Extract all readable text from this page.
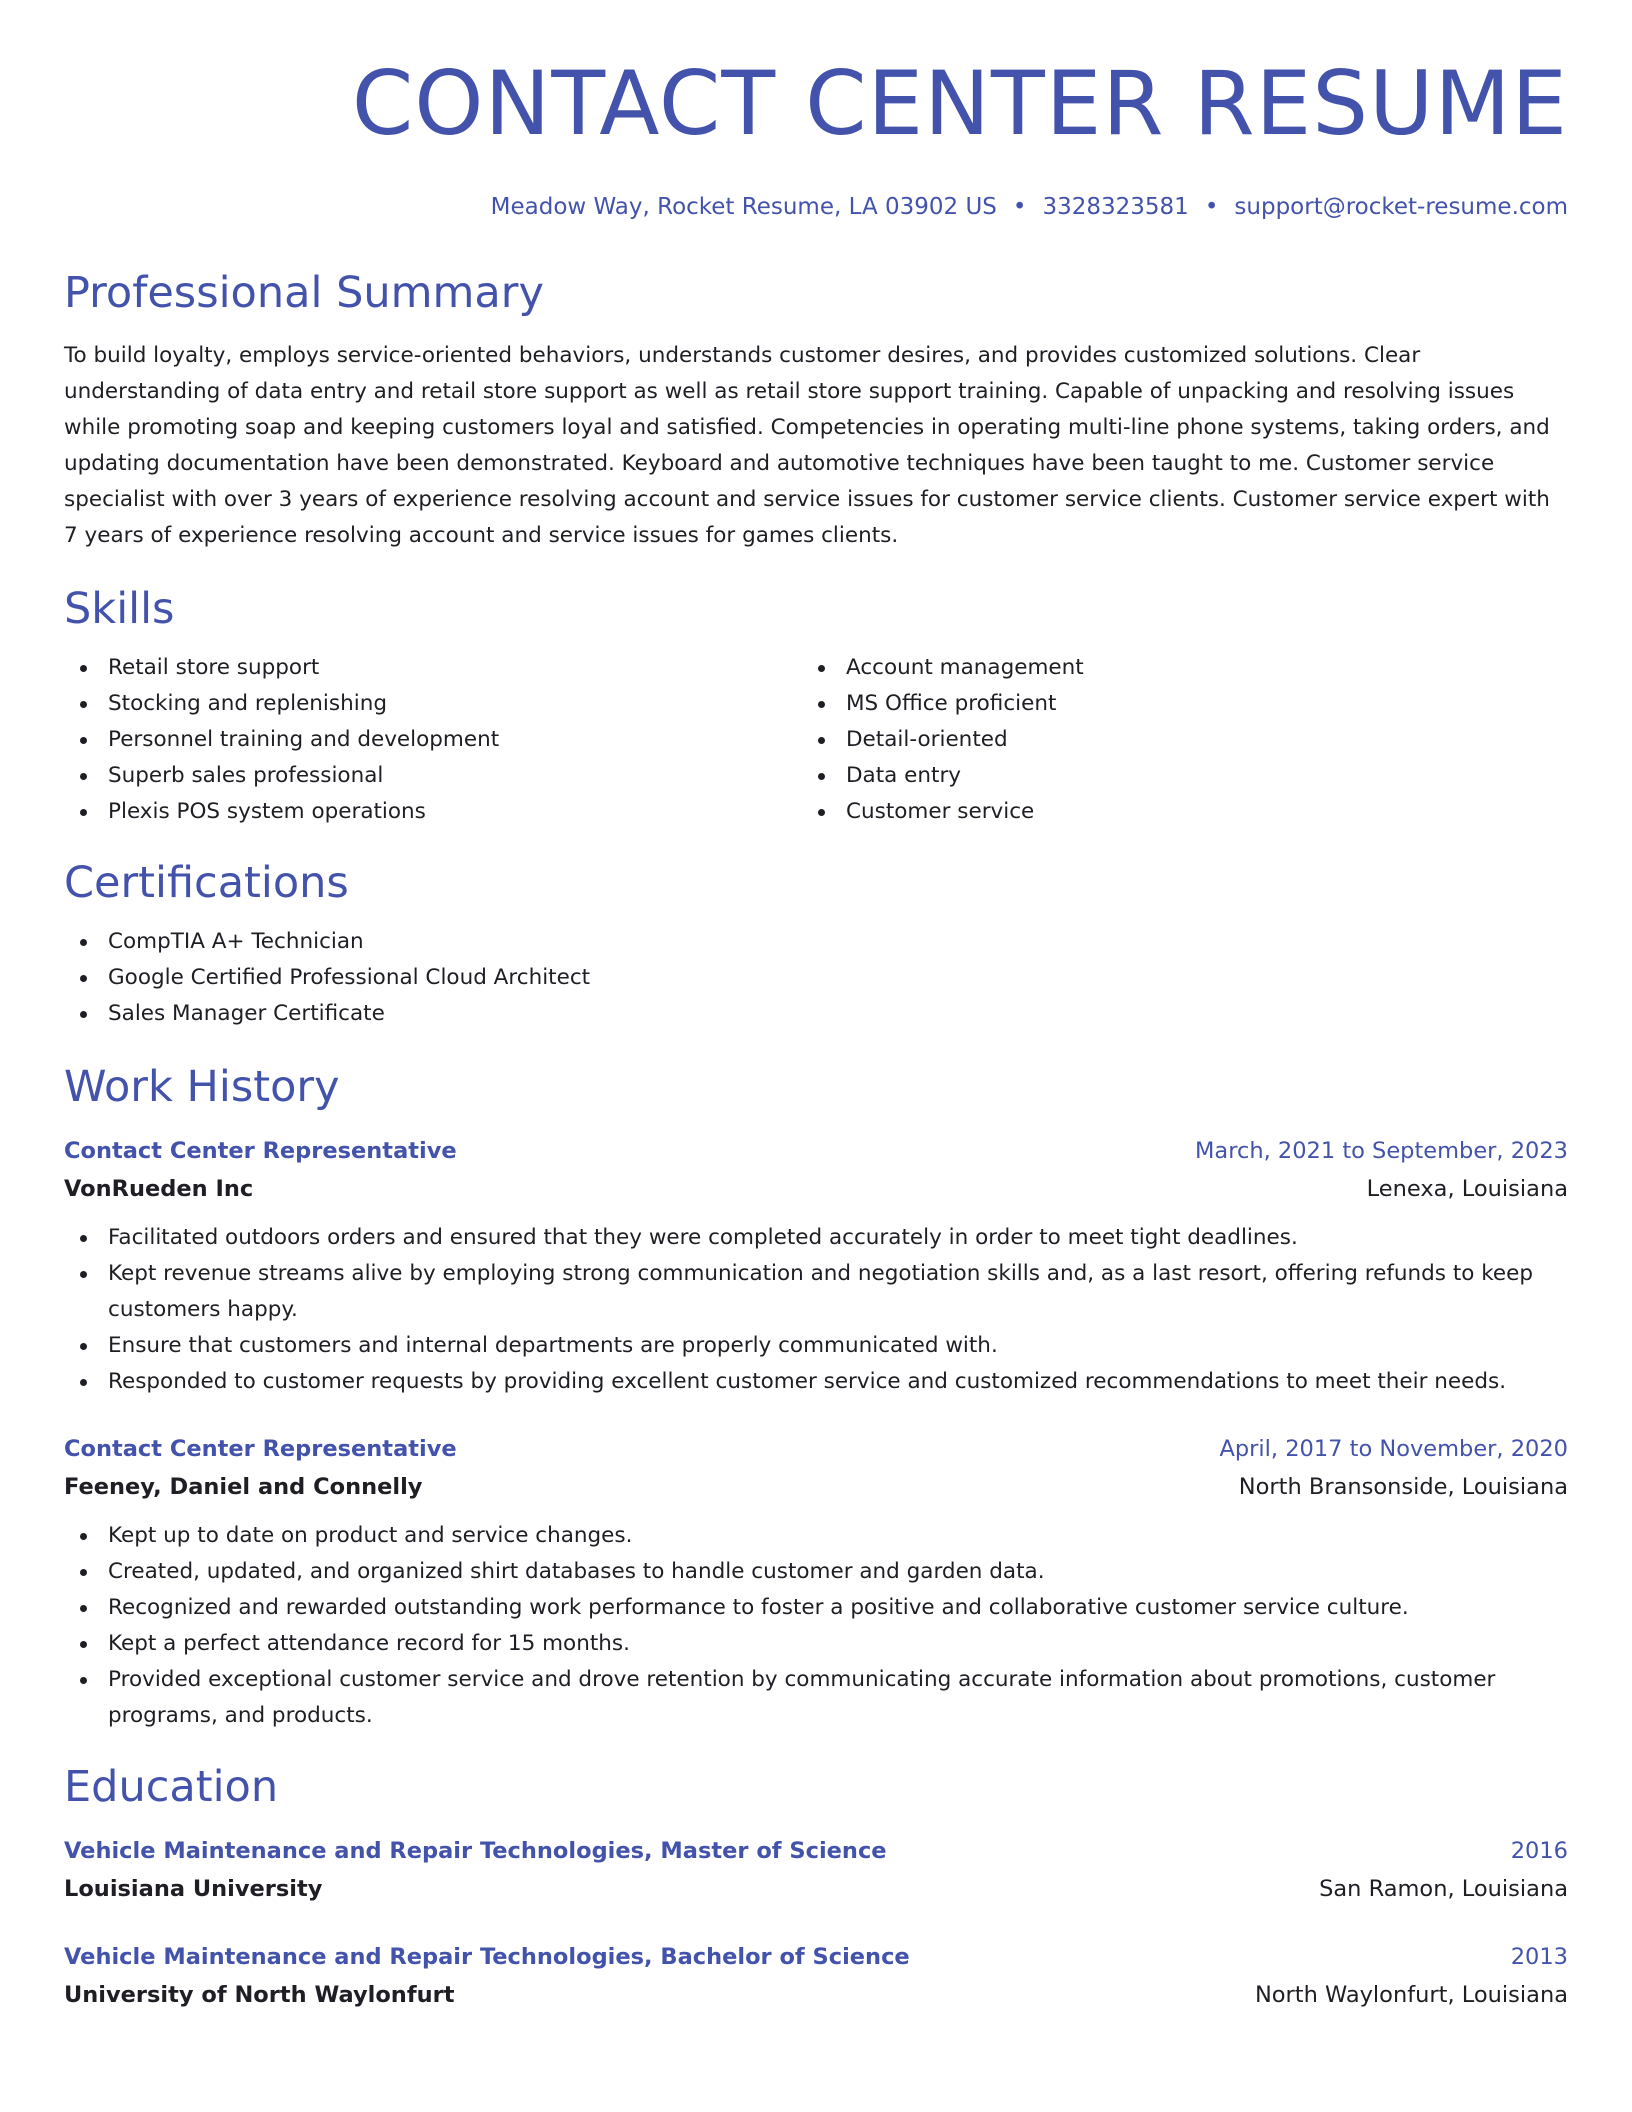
CONTACT CENTER RESUME
Meadow Way, Rocket Resume, LA 03902 US • 3328323581 • support@rocket-resume.com
Professional Summary

To build loyalty, employs service-oriented behaviors, understands customer desires, and provides customized solutions. Clear understanding of data entry and retail store support as well as retail store support training. Capable of unpacking and resolving issues while promoting soap and keeping customers loyal and satisfied. Competencies in operating multi-line phone systems, taking orders, and updating documentation have been demonstrated. Keyboard and automotive techniques have been taught to me. Customer service specialist with over 3 years of experience resolving account and service issues for customer service clients. Customer service expert with 7 years of experience resolving account and service issues for games clients.

Skills
Retail store support
Stocking and replenishing
Personnel training and development
Superb sales professional
Plexis POS system operations
Account management
MS Office proficient
Detail-oriented
Data entry
Customer service
Certifications
CompTIA A+ Technician
Google Certified Professional Cloud Architect
Sales Manager Certificate
Work History
Contact Center Representative	March, 2021 to September, 2023
VonRueden Inc	Lenexa, Louisiana
Facilitated outdoors orders and ensured that they were completed accurately in order to meet tight deadlines.
Kept revenue streams alive by employing strong communication and negotiation skills and, as a last resort, offering refunds to keep customers happy.
Ensure that customers and internal departments are properly communicated with.
Responded to customer requests by providing excellent customer service and customized recommendations to meet their needs.
Contact Center Representative	April, 2017 to November, 2020
Feeney, Daniel and Connelly	North Bransonside, Louisiana
Kept up to date on product and service changes.
Created, updated, and organized shirt databases to handle customer and garden data.
Recognized and rewarded outstanding work performance to foster a positive and collaborative customer service culture.
Kept a perfect attendance record for 15 months.
Provided exceptional customer service and drove retention by communicating accurate information about promotions, customer programs, and products.
Education
Vehicle Maintenance and Repair Technologies, Master of Science	2016
Louisiana University	San Ramon, Louisiana
Vehicle Maintenance and Repair Technologies, Bachelor of Science	2013
University of North Waylonfurt	North Waylonfurt, Louisiana
